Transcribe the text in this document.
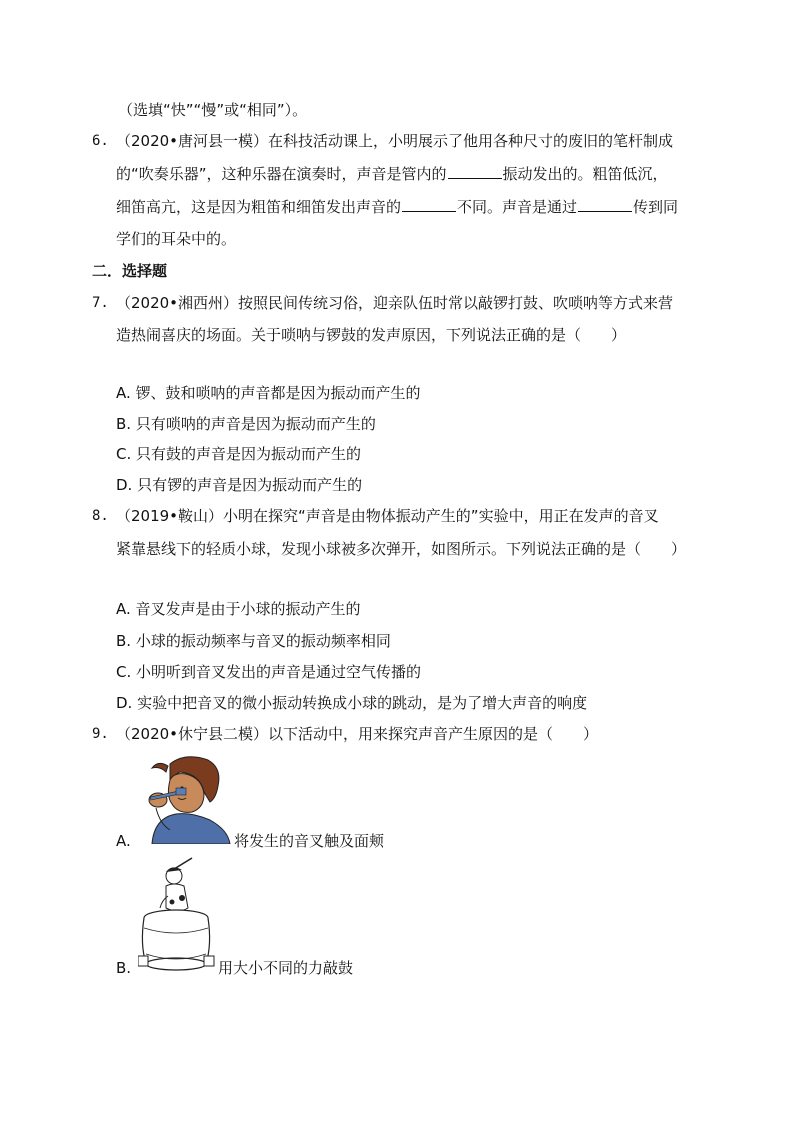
（选填“快”“慢”或“相同”）。
6. （2020•唐河县一模）在科技活动课上，小明展示了他用各种尺寸的废旧的笔杆制成
的“吹奏乐器”，这种乐器在演奏时，声音是管内的	振动发出的。粗笛低沉，
细笛高亢，这是因为粗笛和细笛发出声音的	不同。声音是通过	传到同
学们的耳朵中的。
二．选择题
7. （2020•湘西州）按照民间传统习俗，迎亲队伍时常以敲锣打鼓、吹唢呐等方式来营
造热闹喜庆的场面。关于唢呐与锣鼓的发声原因，下列说法正确的是（　　）
A. 锣、鼓和唢呐的声音都是因为振动而产生的
B. 只有唢呐的声音是因为振动而产生的
C. 只有鼓的声音是因为振动而产生的
D. 只有锣的声音是因为振动而产生的
8. （2019•鞍山）小明在探究“声音是由物体振动产生的”实验中，用正在发声的音叉
紧靠悬线下的轻质小球，发现小球被多次弹开，如图所示。下列说法正确的是（　　）
A. 音叉发声是由于小球的振动产生的
B. 小球的振动频率与音叉的振动频率相同
C. 小明听到音叉发出的声音是通过空气传播的
D. 实验中把音叉的微小振动转换成小球的跳动，是为了增大声音的响度
9. （2020•休宁县二模）以下活动中，用来探究声音产生原因的是（　　）
A.	将发生的音叉触及面颊
B.	用大小不同的力敲鼓
